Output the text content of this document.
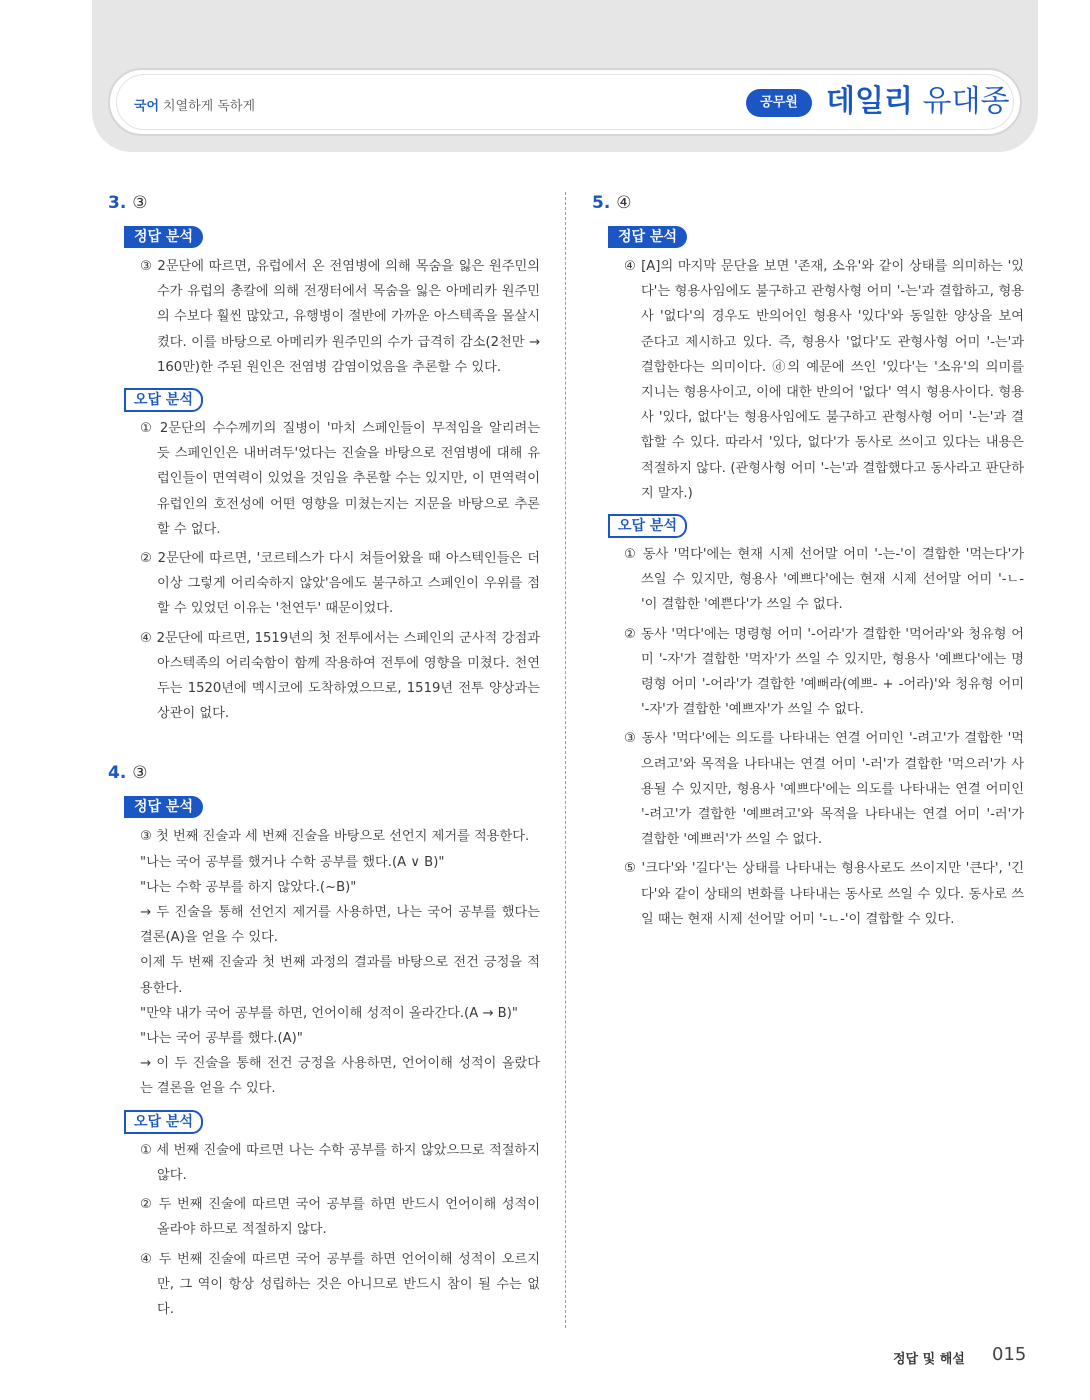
국어 치열하게 독하게	공무원 데일리 유대종
3. ③
정답 분석
③ 2문단에 따르면, 유럽에서 온 전염병에 의해 목숨을 잃은 원주민의 수가 유럽의 총칼에 의해 전쟁터에서 목숨을 잃은 아메리카 원주민의 수보다 훨씬 많았고, 유행병이 절반에 가까운 아스텍족을 몰살시켰다. 이를 바탕으로 아메리카 원주민의 수가 급격히 감소(2천만 → 160만)한 주된 원인은 전염병 감염이었음을 추론할 수 있다.
오답 분석
① 2문단의 수수께끼의 질병이 '마치 스페인들이 무적임을 알리려는 듯 스페인인은 내버려두'었다는 진술을 바탕으로 전염병에 대해 유럽인들이 면역력이 있었을 것임을 추론할 수는 있지만, 이 면역력이 유럽인의 호전성에 어떤 영향을 미쳤는지는 지문을 바탕으로 추론할 수 없다.
② 2문단에 따르면, '코르테스가 다시 쳐들어왔을 때 아스텍인들은 더 이상 그렇게 어리숙하지 않았'음에도 불구하고 스페인이 우위를 점할 수 있었던 이유는 '천연두' 때문이었다.
④ 2문단에 따르면, 1519년의 첫 전투에서는 스페인의 군사적 강점과 아스텍족의 어리숙함이 함께 작용하여 전투에 영향을 미쳤다. 천연두는 1520년에 멕시코에 도착하였으므로, 1519년 전투 양상과는 상관이 없다.
4. ③
정답 분석
③ 첫 번째 진술과 세 번째 진술을 바탕으로 선언지 제거를 적용한다.
"나는 국어 공부를 했거나 수학 공부를 했다.(A ∨ B)"
"나는 수학 공부를 하지 않았다.(~B)"
→ 두 진술을 통해 선언지 제거를 사용하면, 나는 국어 공부를 했다는 결론(A)을 얻을 수 있다.
이제 두 번째 진술과 첫 번째 과정의 결과를 바탕으로 전건 긍정을 적용한다.
"만약 내가 국어 공부를 하면, 언어이해 성적이 올라간다.(A → B)"
"나는 국어 공부를 했다.(A)"
→ 이 두 진술을 통해 전건 긍정을 사용하면, 언어이해 성적이 올랐다는 결론을 얻을 수 있다.
오답 분석
① 세 번째 진술에 따르면 나는 수학 공부를 하지 않았으므로 적절하지 않다.
② 두 번째 진술에 따르면 국어 공부를 하면 반드시 언어이해 성적이 올라야 하므로 적절하지 않다.
④ 두 번째 진술에 따르면 국어 공부를 하면 언어이해 성적이 오르지만, 그 역이 항상 성립하는 것은 아니므로 반드시 참이 될 수는 없다.
5. ④
정답 분석
④ [A]의 마지막 문단을 보면 '존재, 소유'와 같이 상태를 의미하는 '있다'는 형용사임에도 불구하고 관형사형 어미 '-는'과 결합하고, 형용사 '없다'의 경우도 반의어인 형용사 '있다'와 동일한 양상을 보여 준다고 제시하고 있다. 즉, 형용사 '없다'도 관형사형 어미 '-는'과 결합한다는 의미이다. ⓓ의 예문에 쓰인 '있다'는 '소유'의 의미를 지니는 형용사이고, 이에 대한 반의어 '없다' 역시 형용사이다. 형용사 '있다, 없다'는 형용사임에도 불구하고 관형사형 어미 '-는'과 결합할 수 있다. 따라서 '있다, 없다'가 동사로 쓰이고 있다는 내용은 적절하지 않다. (관형사형 어미 '-는'과 결합했다고 동사라고 판단하지 말자.)
오답 분석
① 동사 '먹다'에는 현재 시제 선어말 어미 '-는-'이 결합한 '먹는다'가 쓰일 수 있지만, 형용사 '예쁘다'에는 현재 시제 선어말 어미 '-ㄴ-'이 결합한 '예쁜다'가 쓰일 수 없다.
② 동사 '먹다'에는 명령형 어미 '-어라'가 결합한 '먹어라'와 청유형 어미 '-자'가 결합한 '먹자'가 쓰일 수 있지만, 형용사 '예쁘다'에는 명령형 어미 '-어라'가 결합한 '예뻐라(예쁘- + -어라)'와 청유형 어미 '-자'가 결합한 '예쁘자'가 쓰일 수 없다.
③ 동사 '먹다'에는 의도를 나타내는 연결 어미인 '-려고'가 결합한 '먹으려고'와 목적을 나타내는 연결 어미 '-러'가 결합한 '먹으러'가 사용될 수 있지만, 형용사 '예쁘다'에는 의도를 나타내는 연결 어미인 '-려고'가 결합한 '예쁘려고'와 목적을 나타내는 연결 어미 '-러'가 결합한 '예쁘러'가 쓰일 수 없다.
⑤ '크다'와 '길다'는 상태를 나타내는 형용사로도 쓰이지만 '큰다', '긴다'와 같이 상태의 변화를 나타내는 동사로 쓰일 수 있다. 동사로 쓰일 때는 현재 시제 선어말 어미 '-ㄴ-'이 결합할 수 있다.
정답 및 해설 015
